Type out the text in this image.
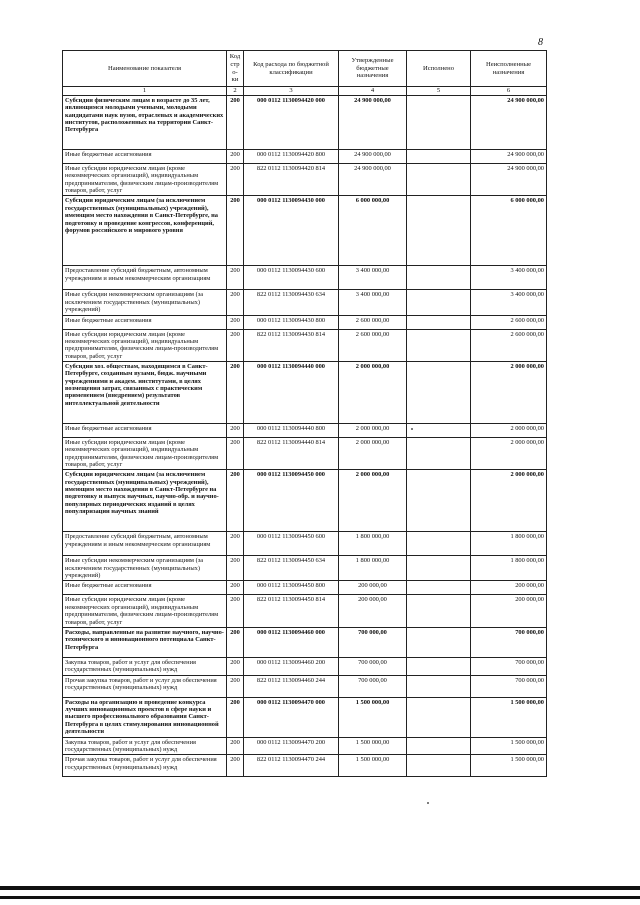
8
Наименование показателя	Код стро-ки	Код расхода по бюджетной классификации	Утвержденные бюджетные назначения	Исполнено	Неисполненные назначения
1	2	3	4	5	6
Субсидии физическим лицам в возрасте до 35 лет, являющимся молодыми учеными, молодыми кандидатами наук вузов, отраслевых и академических институтов, расположенных на территории Санкт-Петербурга	200	000 0112 1130094420 000	24 900 000,00		24 900 000,00
Иные бюджетные ассигнования	200	000 0112 1130094420 800	24 900 000,00		24 900 000,00
Иные субсидии юридическим лицам (кроме некоммерческих организаций), индивидуальным предпринимателям, физическим лицам-производителям товаров, работ, услуг	200	822 0112 1130094420 814	24 900 000,00		24 900 000,00
Субсидии юридическим лицам (за исключением государственных (муниципальных) учреждений), имеющим место нахождения в Санкт-Петербурге, на подготовку и проведение конгрессов, конференций, форумов российского и мирового уровня	200	000 0112 1130094430 000	6 000 000,00		6 000 000,00
Предоставление субсидий бюджетным, автономным учреждениям и иным некоммерческим организациям	200	000 0112 1130094430 600	3 400 000,00		3 400 000,00
Иные субсидии некоммерческим организациям (за исключением государственных (муниципальных) учреждений)	200	822 0112 1130094430 634	3 400 000,00		3 400 000,00
Иные бюджетные ассигнования	200	000 0112 1130094430 800	2 600 000,00		2 600 000,00
Иные субсидии юридическим лицам (кроме некоммерческих организаций), индивидуальным предпринимателям, физическим лицам-производителям товаров, работ, услуг	200	822 0112 1130094430 814	2 600 000,00		2 600 000,00
Субсидии хоз. обществам, находящимся в Санкт-Петербурге, созданным вузами, бюдж. научными учреждениями и академ. институтами, в целях возмещения затрат, связанных с практическим применением (внедрением) результатов интеллектуальной деятельности	200	000 0112 1130094440 000	2 000 000,00		2 000 000,00
Иные бюджетные ассигнования	200	000 0112 1130094440 800	2 000 000,00		2 000 000,00
Иные субсидии юридическим лицам (кроме некоммерческих организаций), индивидуальным предпринимателям, физическим лицам-производителям товаров, работ, услуг	200	822 0112 1130094440 814	2 000 000,00		2 000 000,00
Субсидии юридическим лицам (за исключением государственных (муниципальных) учреждений), имеющим место нахождения в Санкт-Петербурге на подготовку и выпуск научных, научно-обр. и научно-популярных периодических изданий в целях популяризации научных знаний	200	000 0112 1130094450 000	2 000 000,00		2 000 000,00
Предоставление субсидий бюджетным, автономным учреждениям и иным некоммерческим организациям	200	000 0112 1130094450 600	1 800 000,00		1 800 000,00
Иные субсидии некоммерческим организациям (за исключением государственных (муниципальных) учреждений)	200	822 0112 1130094450 634	1 800 000,00		1 800 000,00
Иные бюджетные ассигнования	200	000 0112 1130094450 800	200 000,00		200 000,00
Иные субсидии юридическим лицам (кроме некоммерческих организаций), индивидуальным предпринимателям, физическим лицам-производителям товаров, работ, услуг	200	822 0112 1130094450 814	200 000,00		200 000,00
Расходы, направленные на развитие научного, научно-технического и инновационного потенциала Санкт-Петербурга	200	000 0112 1130094460 000	700 000,00		700 000,00
Закупка товаров, работ и услуг для обеспечения государственных (муниципальных) нужд	200	000 0112 1130094460 200	700 000,00		700 000,00
Прочая закупка товаров, работ и услуг для обеспечения государственных (муниципальных) нужд	200	822 0112 1130094460 244	700 000,00		700 000,00
Расходы на организацию и проведение конкурса лучших инновационных проектов в сфере науки и высшего профессионального образования Санкт-Петербурга в целях стимулирования инновационной деятельности	200	000 0112 1130094470 000	1 500 000,00		1 500 000,00
Закупка товаров, работ и услуг для обеспечения государственных (муниципальных) нужд	200	000 0112 1130094470 200	1 500 000,00		1 500 000,00
Прочая закупка товаров, работ и услуг для обеспечения государственных (муниципальных) нужд	200	822 0112 1130094470 244	1 500 000,00		1 500 000,00
